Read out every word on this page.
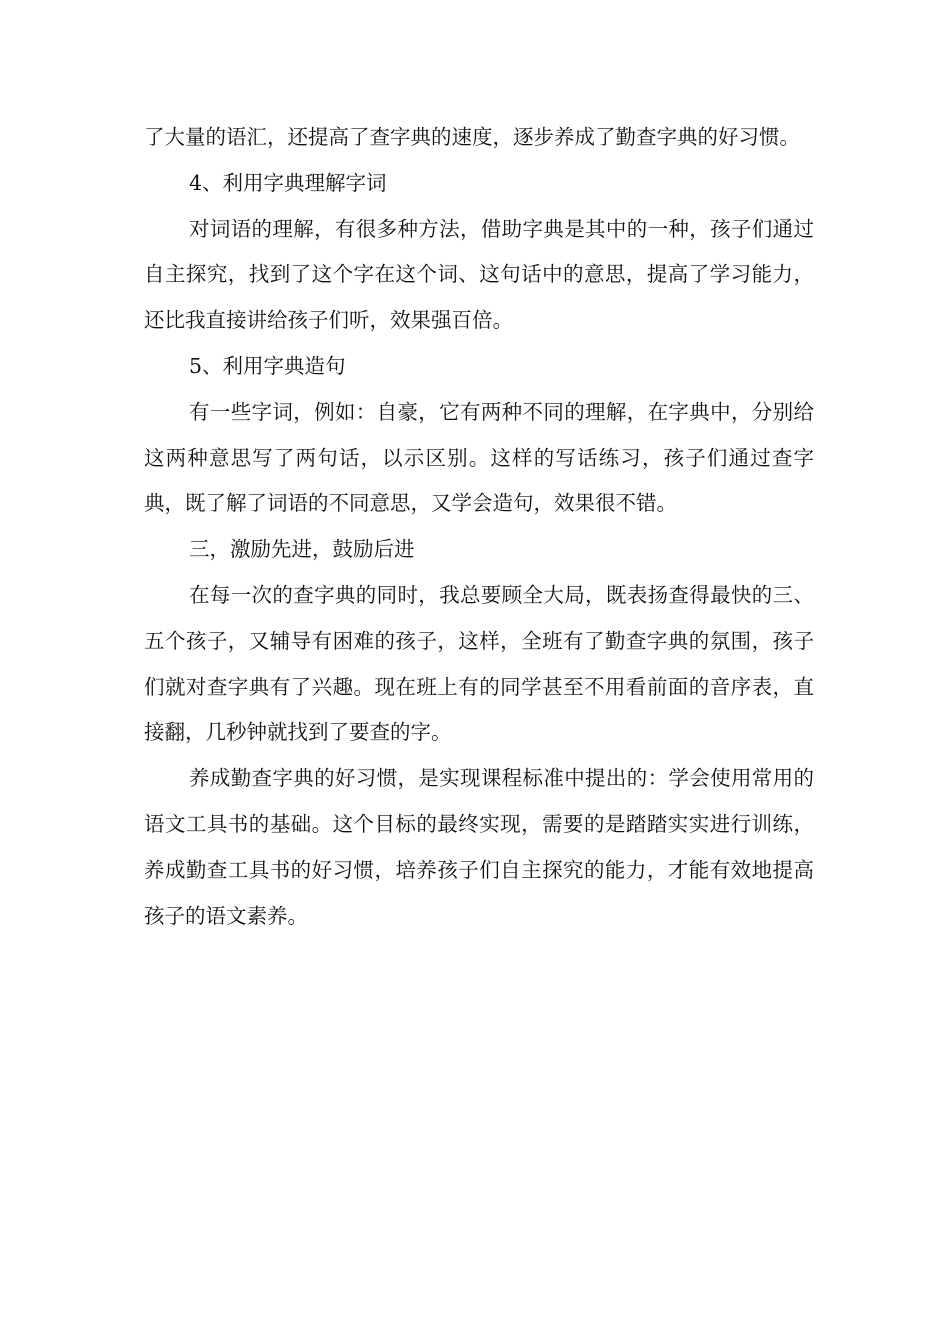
了大量的语汇，还提高了查字典的速度，逐步养成了勤查字典的好习惯。

4、利用字典理解字词

对词语的理解，有很多种方法，借助字典是其中的一种，孩子们通过自主探究，找到了这个字在这个词、这句话中的意思，提高了学习能力，还比我直接讲给孩子们听，效果强百倍。

5、利用字典造句

有一些字词，例如：自豪，它有两种不同的理解，在字典中，分别给这两种意思写了两句话，以示区别。这样的写话练习，孩子们通过查字典，既了解了词语的不同意思，又学会造句，效果很不错。

三，激励先进，鼓励后进

在每一次的查字典的同时，我总要顾全大局，既表扬查得最快的三、五个孩子，又辅导有困难的孩子，这样，全班有了勤查字典的氛围，孩子们就对查字典有了兴趣。现在班上有的同学甚至不用看前面的音序表，直接翻，几秒钟就找到了要查的字。

养成勤查字典的好习惯，是实现课程标准中提出的：学会使用常用的语文工具书的基础。这个目标的最终实现，需要的是踏踏实实进行训练，养成勤查工具书的好习惯，培养孩子们自主探究的能力，才能有效地提高孩子的语文素养。
